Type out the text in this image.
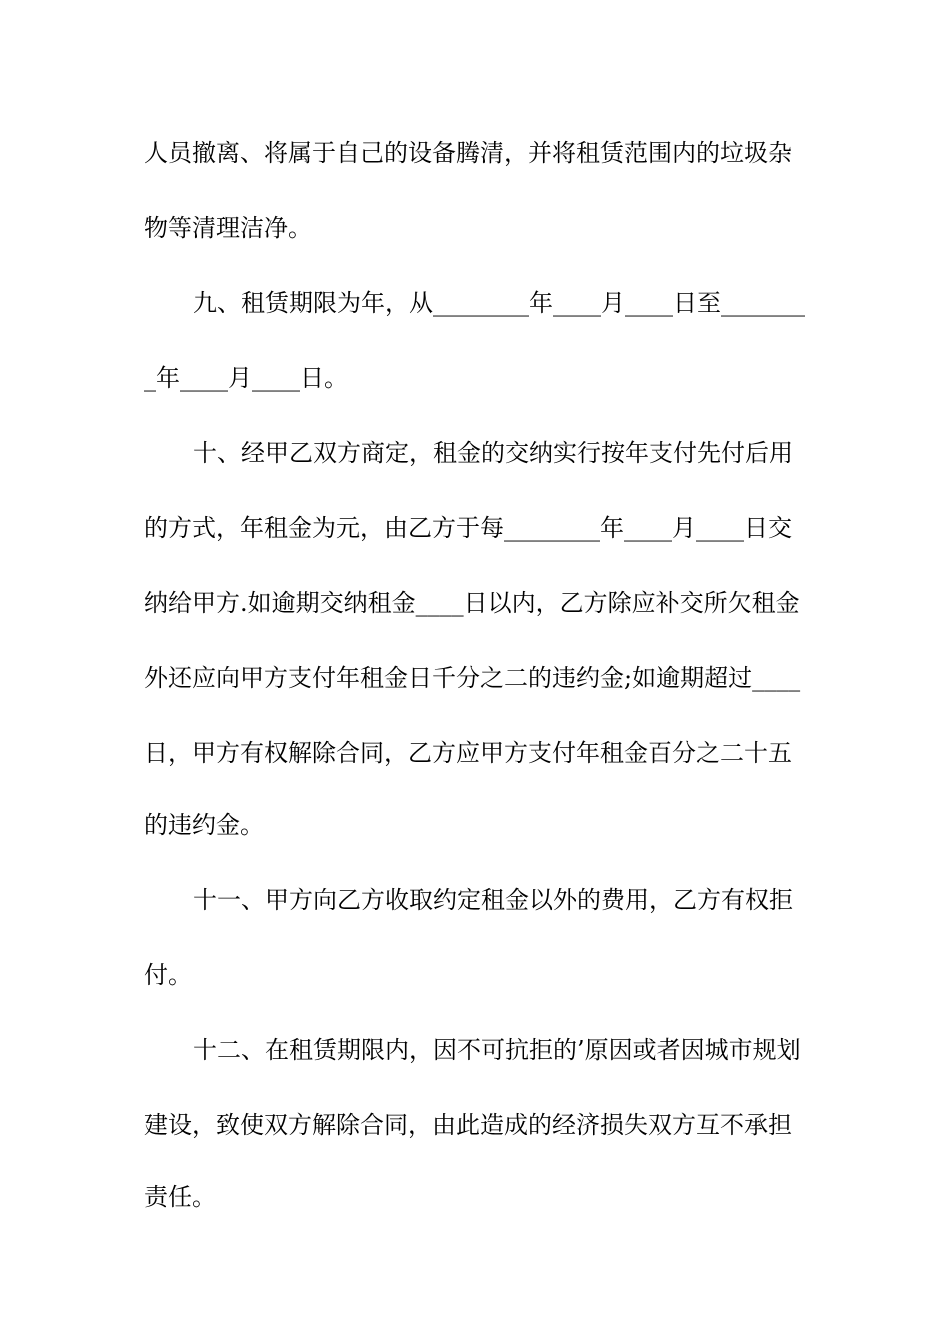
人员撤离、将属于自己的设备腾清，并将租赁范围内的垃圾杂
物等清理洁净。
九、租赁期限为年，从________年____月____日至_______
_年____月____日。
十、经甲乙双方商定，租金的交纳实行按年支付先付后用
的方式，年租金为元，由乙方于每________年____月____日交
纳给甲方.如逾期交纳租金____日以内，乙方除应补交所欠租金
外还应向甲方支付年租金日千分之二的违约金;如逾期超过____
日，甲方有权解除合同，乙方应甲方支付年租金百分之二十五
的违约金。
十一、甲方向乙方收取约定租金以外的费用，乙方有权拒
付。
十二、在租赁期限内，因不可抗拒的’原因或者因城市规划
建设，致使双方解除合同，由此造成的经济损失双方互不承担
责任。
